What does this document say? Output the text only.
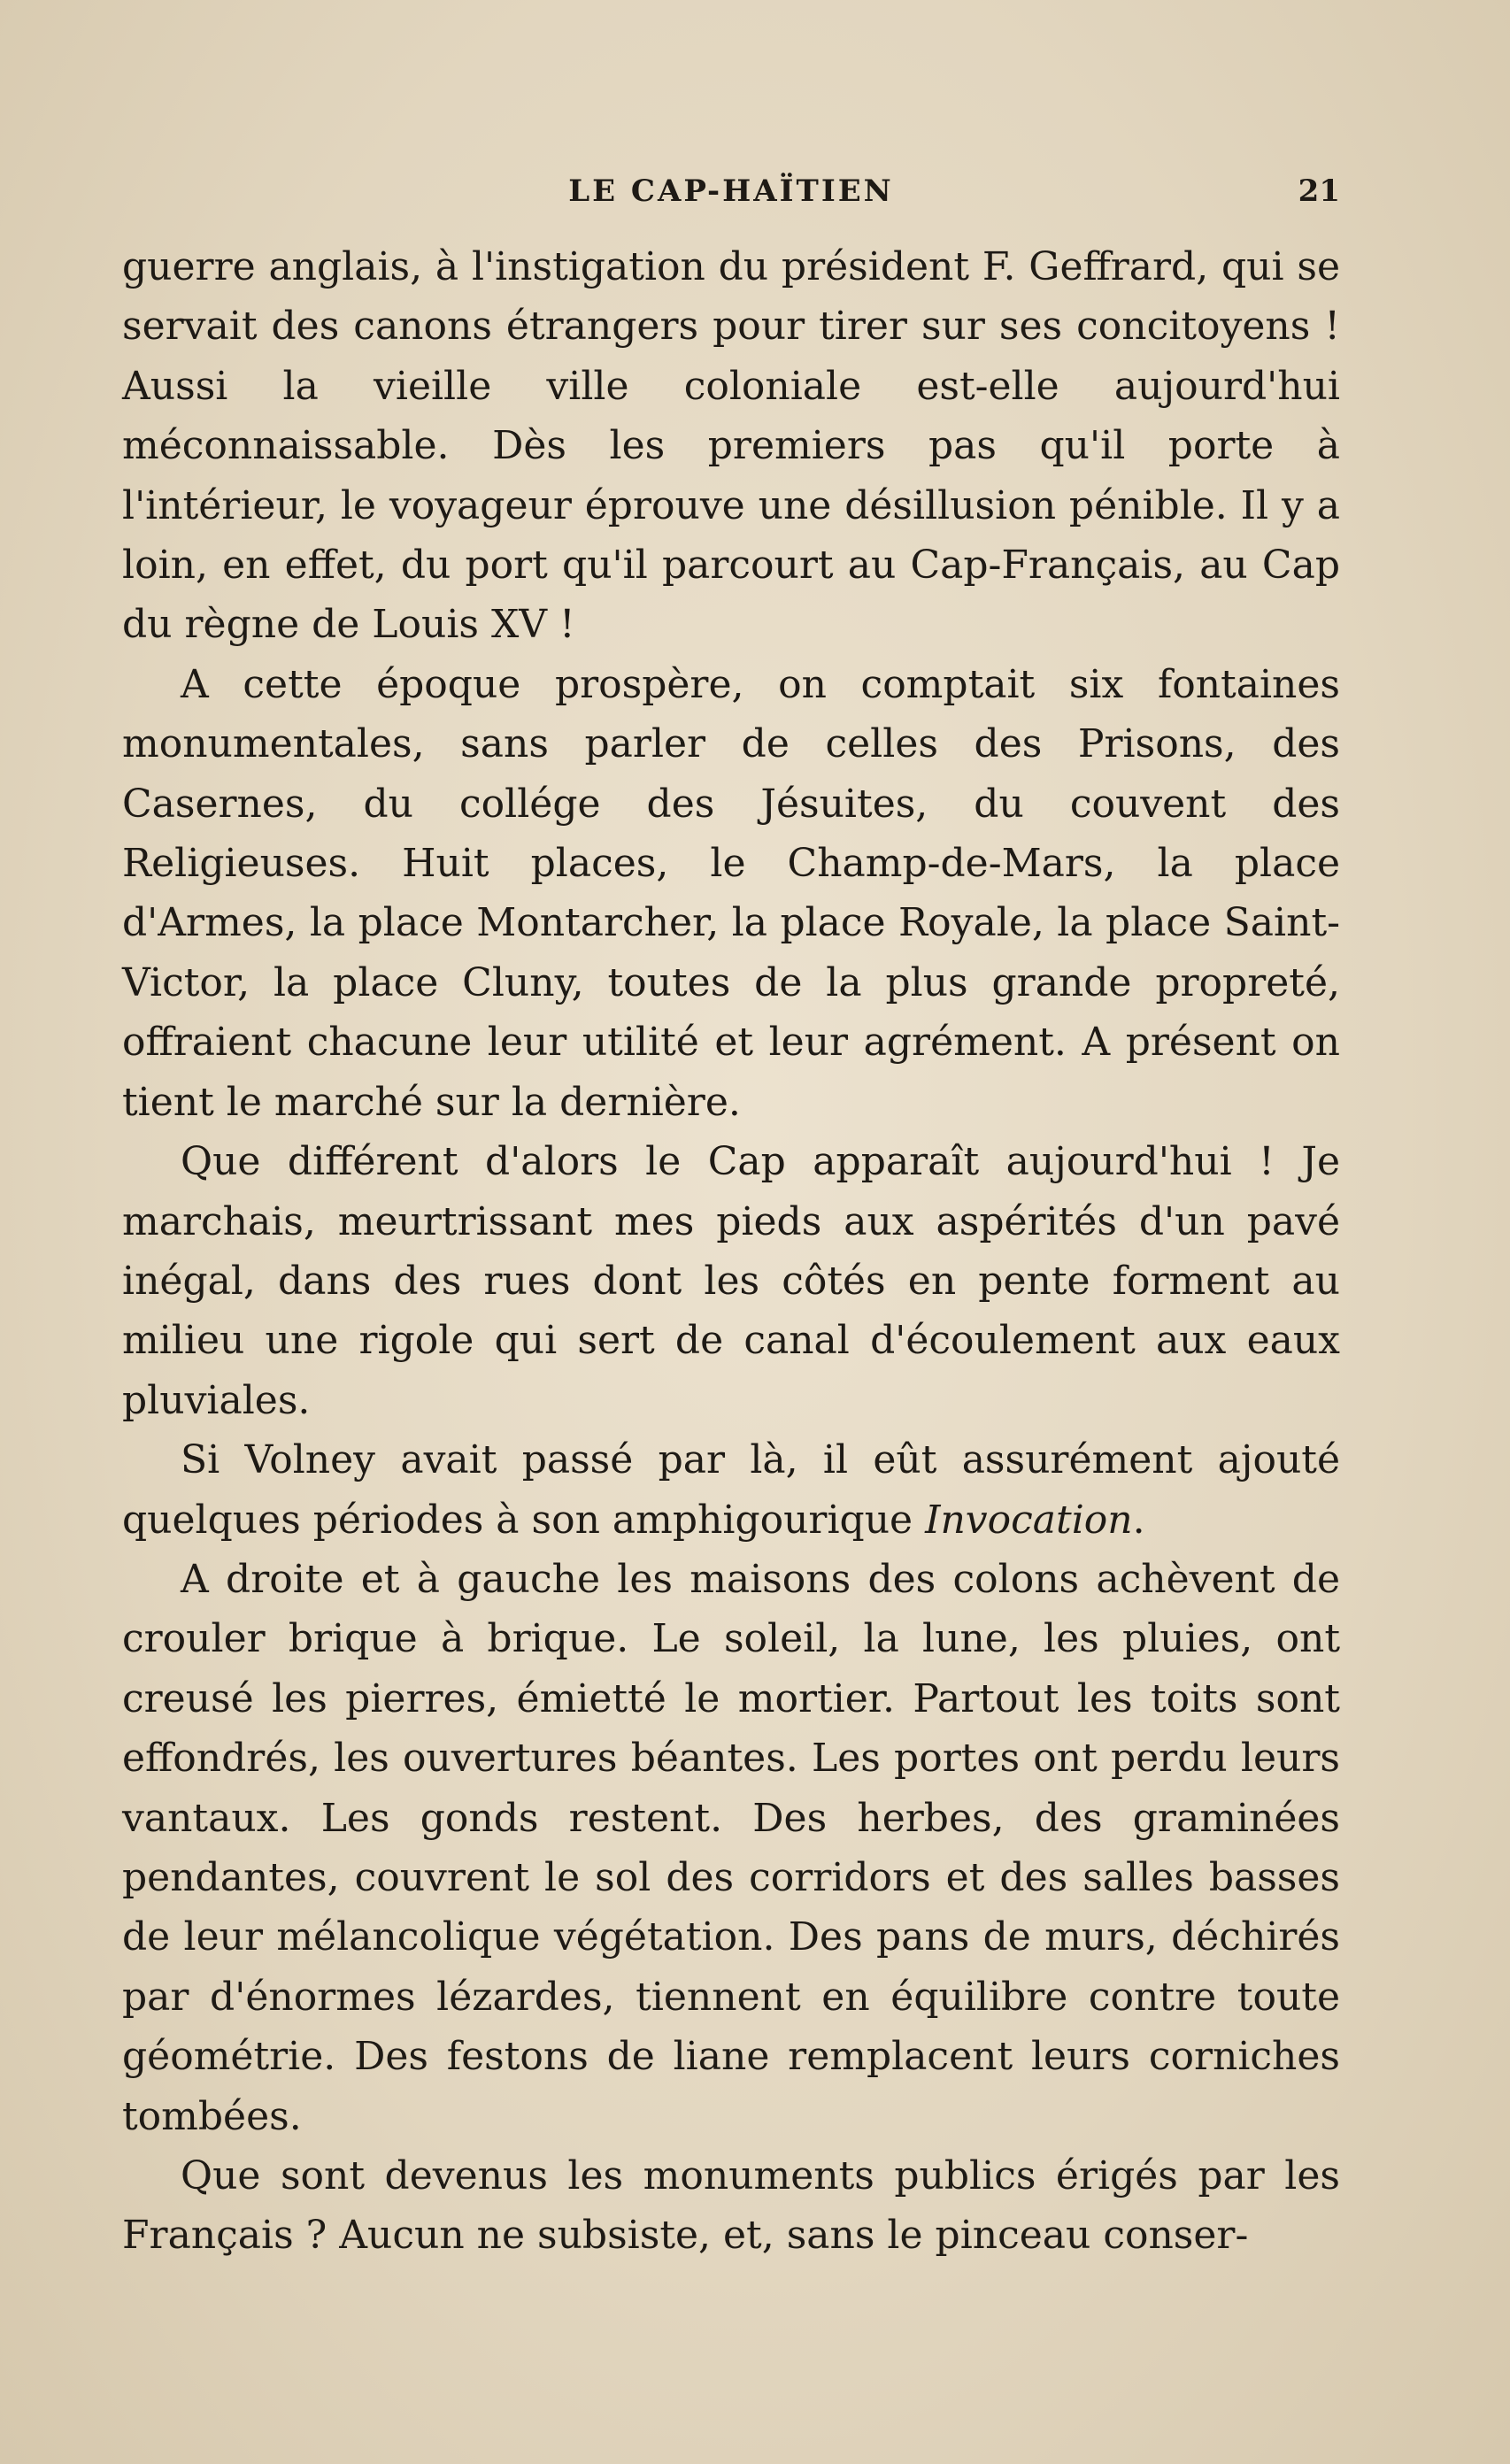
LE CAP-HAÏTIEN	21

guerre anglais, à l'instigation du président F. Geffrard, qui se servait des canons étrangers pour tirer sur ses concitoyens ! Aussi la vieille ville coloniale est-elle aujourd'hui méconnaissable. Dès les premiers pas qu'il porte à l'intérieur, le voyageur éprouve une désillusion pénible. Il y a loin, en effet, du port qu'il parcourt au Cap-Français, au Cap du règne de Louis XV !

A cette époque prospère, on comptait six fontaines monumentales, sans parler de celles des Prisons, des Casernes, du collége des Jésuites, du couvent des Religieuses. Huit places, le Champ-de-Mars, la place d'Armes, la place Montarcher, la place Royale, la place Saint-Victor, la place Cluny, toutes de la plus grande propreté, offraient chacune leur utilité et leur agrément. A présent on tient le marché sur la dernière.

Que différent d'alors le Cap apparaît aujourd'hui ! Je marchais, meurtrissant mes pieds aux aspérités d'un pavé inégal, dans des rues dont les côtés en pente forment au milieu une rigole qui sert de canal d'écoulement aux eaux pluviales.

Si Volney avait passé par là, il eût assurément ajouté quelques périodes à son amphigourique Invocation.

A droite et à gauche les maisons des colons achèvent de crouler brique à brique. Le soleil, la lune, les pluies, ont creusé les pierres, émietté le mortier. Partout les toits sont effondrés, les ouvertures béantes. Les portes ont perdu leurs vantaux. Les gonds restent. Des herbes, des graminées pendantes, couvrent le sol des corridors et des salles basses de leur mélancolique végétation. Des pans de murs, déchirés par d'énormes lézardes, tiennent en équilibre contre toute géométrie. Des festons de liane remplacent leurs corniches tombées.

Que sont devenus les monuments publics érigés par les Français ? Aucun ne subsiste, et, sans le pinceau conser-
